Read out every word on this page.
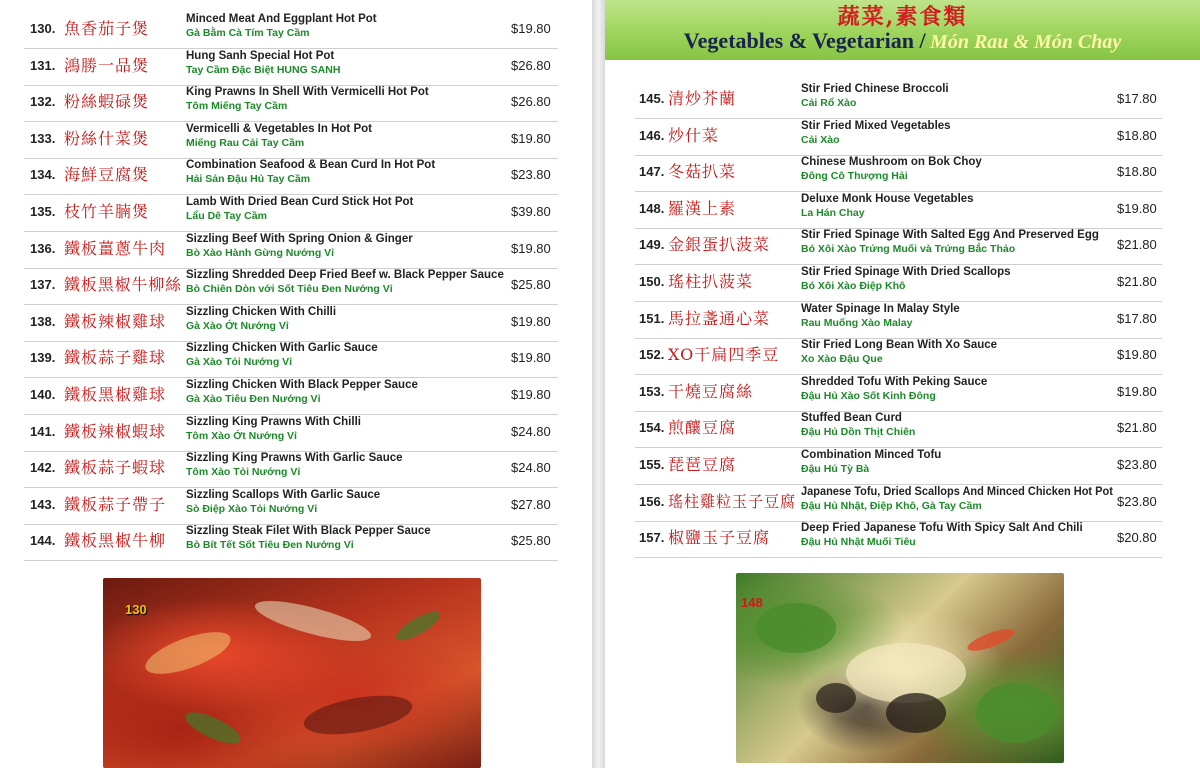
130. 魚香茄子煲	Minced Meat And Eggplant Hot Pot
Gà Bằm Cà Tím Tay Cầm	$19.80
131. 鴻勝一品煲	Hung Sanh Special Hot Pot
Tay Cầm Đặc Biệt HUNG SANH	$26.80
132. 粉絲蝦碌煲	King Prawns In Shell With Vermicelli Hot Pot
Tôm Miếng Tay Cầm	$26.80
133. 粉絲什菜煲	Vermicelli & Vegetables In Hot Pot
Miếng Rau Cải Tay Cầm	$19.80
134. 海鮮豆腐煲	Combination Seafood & Bean Curd In Hot Pot
Hải Sản Đậu Hủ Tay Cầm	$23.80
135. 枝竹羊腩煲	Lamb With Dried Bean Curd Stick Hot Pot
Lẩu Dê Tay Cầm	$39.80
136. 鐵板薑蔥牛肉 Sizzling Beef With Spring Onion & Ginger
Bò Xào Hành Gừng Nướng Vỉ	$19.80
137. 鐵板黑椒牛柳絲 Sizzling Shredded Deep Fried Beef w. Black Pepper Sauce
Bò Chiên Dòn với Sốt Tiêu Đen Nướng Vỉ	$25.80
138. 鐵板辣椒雞球 Sizzling Chicken With Chilli
Gà Xào Ớt Nướng Vỉ	$19.80
139. 鐵板蒜子雞球 Sizzling Chicken With Garlic Sauce
Gà Xào Tỏi Nướng Vỉ	$19.80
140. 鐵板黑椒雞球 Sizzling Chicken With Black Pepper Sauce
Gà Xào Tiêu Đen Nướng Vỉ	$19.80
141. 鐵板辣椒蝦球 Sizzling King Prawns With Chilli
Tôm Xào Ớt Nướng Vỉ	$24.80
142. 鐵板蒜子蝦球 Sizzling King Prawns With Garlic Sauce
Tôm Xào Tỏi Nướng Vỉ	$24.80
143. 鐵板蒜子帶子 Sizzling Scallops With Garlic Sauce
Sò Điệp Xào Tỏi Nướng Vỉ	$27.80
144. 鐵板黑椒牛柳 Sizzling Steak Filet With Black Pepper Sauce
Bò Bít Tết Sốt Tiêu Đen Nướng Vỉ	$25.80
130
蔬菜,素食類
Vegetables & Vegetarian / Món Rau & Món Chay
145. 清炒芥蘭	Stir Fried Chinese Broccoli
Cải Rổ Xào	$17.80
146. 炒什菜	Stir Fried Mixed Vegetables
Cải Xào	$18.80
147. 冬菇扒菜	Chinese Mushroom on Bok Choy
Đông Cô Thượng Hải	$18.80
148. 羅漢上素	Deluxe Monk House Vegetables
La Hán Chay	$19.80
149. 金銀蛋扒菠菜	Stir Fried Spinage With Salted Egg And Preserved Egg
Bó Xôi Xào Trứng Muối và Trứng Bắc Thảo	$21.80
150. 瑤柱扒菠菜	Stir Fried Spinage With Dried Scallops
Bó Xôi Xào Điệp Khô	$21.80
151. 馬拉盞通心菜	Water Spinage In Malay Style
Rau Muống Xào Malay	$17.80
152. XO干扁四季豆 Stir Fried Long Bean With Xo Sauce
Xo Xào Đậu Que	$19.80
153. 干燒豆腐絲	Shredded Tofu With Peking Sauce
Đậu Hủ Xào Sốt Kinh Đông	$19.80
154. 煎釀豆腐	Stuffed Bean Curd
Đậu Hủ Dồn Thịt Chiên	$21.80
155. 琵琶豆腐	Combination Minced Tofu
Đậu Hủ Tỳ Bà	$23.80
156. 瑤柱雞粒玉子豆腐 Japanese Tofu, Dried Scallops And Minced Chicken Hot Pot
Đậu Hủ Nhật, Điệp Khô, Gà Tay Cầm	$23.80
157. 椒鹽玉子豆腐	Deep Fried Japanese Tofu With Spicy Salt And Chili
Đậu Hủ Nhật Muối Tiêu	$20.80
148
